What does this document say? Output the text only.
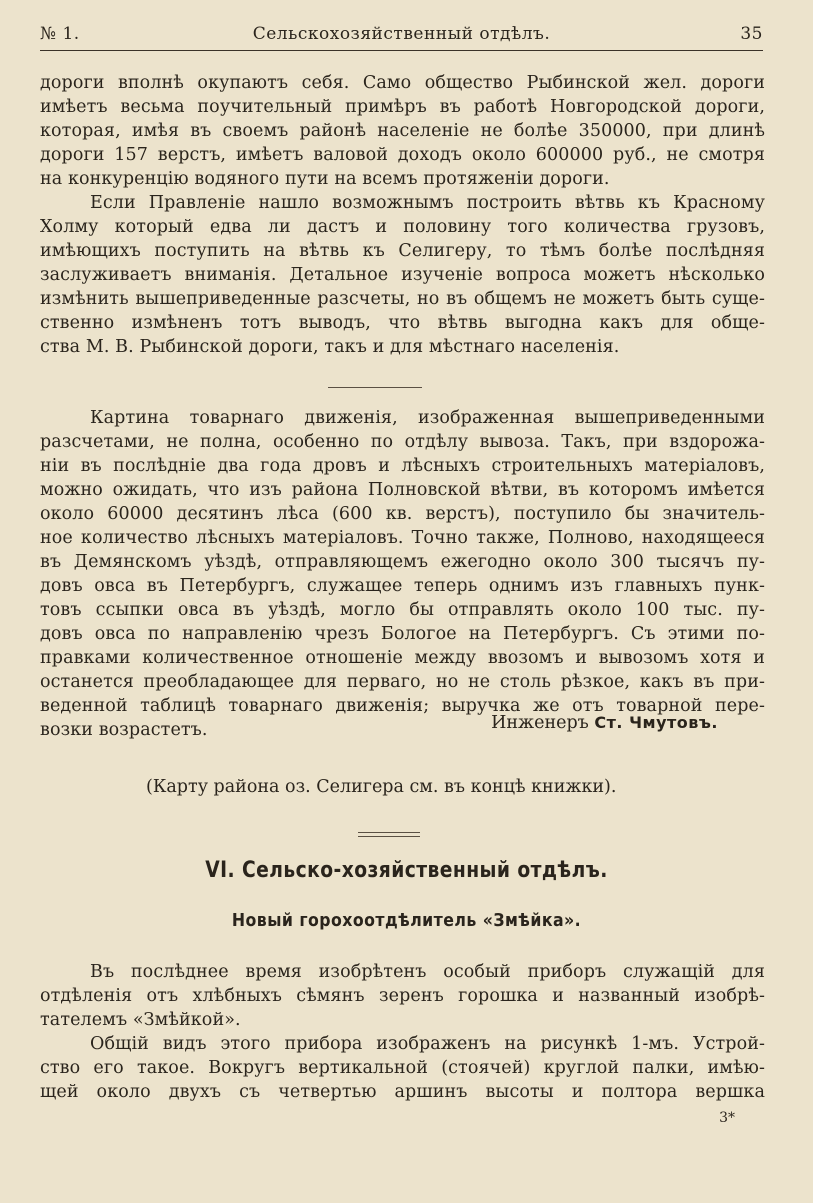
№ 1.	Сельскохозяйственный отдѣлъ.	35
дороги вполнѣ окупаютъ себя. Само общество Рыбинской жел. дороги
имѣетъ весьма поучительный примѣръ въ работѣ Новгородской дороги,
которая, имѣя въ своемъ районѣ населеніе не болѣе 350000, при длинѣ
дороги 157 верстъ, имѣетъ валовой доходъ около 600000 руб., не смотря
на конкуренцію водяного пути на всемъ протяженіи дороги.
Если Правленіе нашло возможнымъ построить вѣтвь къ Красному
Холму который едва ли дастъ и половину того количества грузовъ,
имѣющихъ поступить на вѣтвь къ Селигеру, то тѣмъ болѣе послѣдняя
заслуживаетъ вниманія. Детальное изученіе вопроса можетъ нѣсколько
измѣнить вышеприведенные разсчеты, но въ общемъ не можетъ быть суще-
ственно измѣненъ тотъ выводъ, что вѣтвь выгодна какъ для обще-
ства М. В. Рыбинской дороги, такъ и для мѣстнаго населенія.
Картина товарнаго движенія, изображенная вышеприведенными
разсчетами, не полна, особенно по отдѣлу вывоза. Такъ, при вздорожа-
ніи въ послѣдніе два года дровъ и лѣсныхъ строительныхъ матеріаловъ,
можно ожидать, что изъ района Полновской вѣтви, въ которомъ имѣется
около 60000 десятинъ лѣса (600 кв. верстъ), поступило бы значитель-
ное количество лѣсныхъ матеріаловъ. Точно также, Полново, находящееся
въ Демянскомъ уѣздѣ, отправляющемъ ежегодно около 300 тысячъ пу-
довъ овса въ Петербургъ, служащее теперь однимъ изъ главныхъ пунк-
товъ ссыпки овса въ уѣздѣ, могло бы отправлять около 100 тыс. пу-
довъ овса по направленію чрезъ Бологое на Петербургъ. Съ этими по-
правками количественное отношеніе между ввозомъ и вывозомъ хотя и
останется преобладающее для перваго, но не столь рѣзкое, какъ въ при-
веденной таблицѣ товарнаго движенія; выручка же отъ товарной пере-
возки возрастетъ.	Инженеръ Ст. Чмутовъ.
(Карту района оз. Селигера см. въ концѣ книжки).
VI. Сельско-хозяйственный отдѣлъ.
Новый горохоотдѣлитель «Змѣйка».
Въ послѣднее время изобрѣтенъ особый приборъ служащій для
отдѣленія отъ хлѣбныхъ сѣмянъ зеренъ горошка и названный изобрѣ-
тателемъ «Змѣйкой».
Общій видъ этого прибора изображенъ на рисункѣ 1-мъ. Устрой-
ство его такое. Вокругъ вертикальной (стоячей) круглой палки, имѣю-
щей около двухъ съ четвертью аршинъ высоты и полтора вершка
3*
